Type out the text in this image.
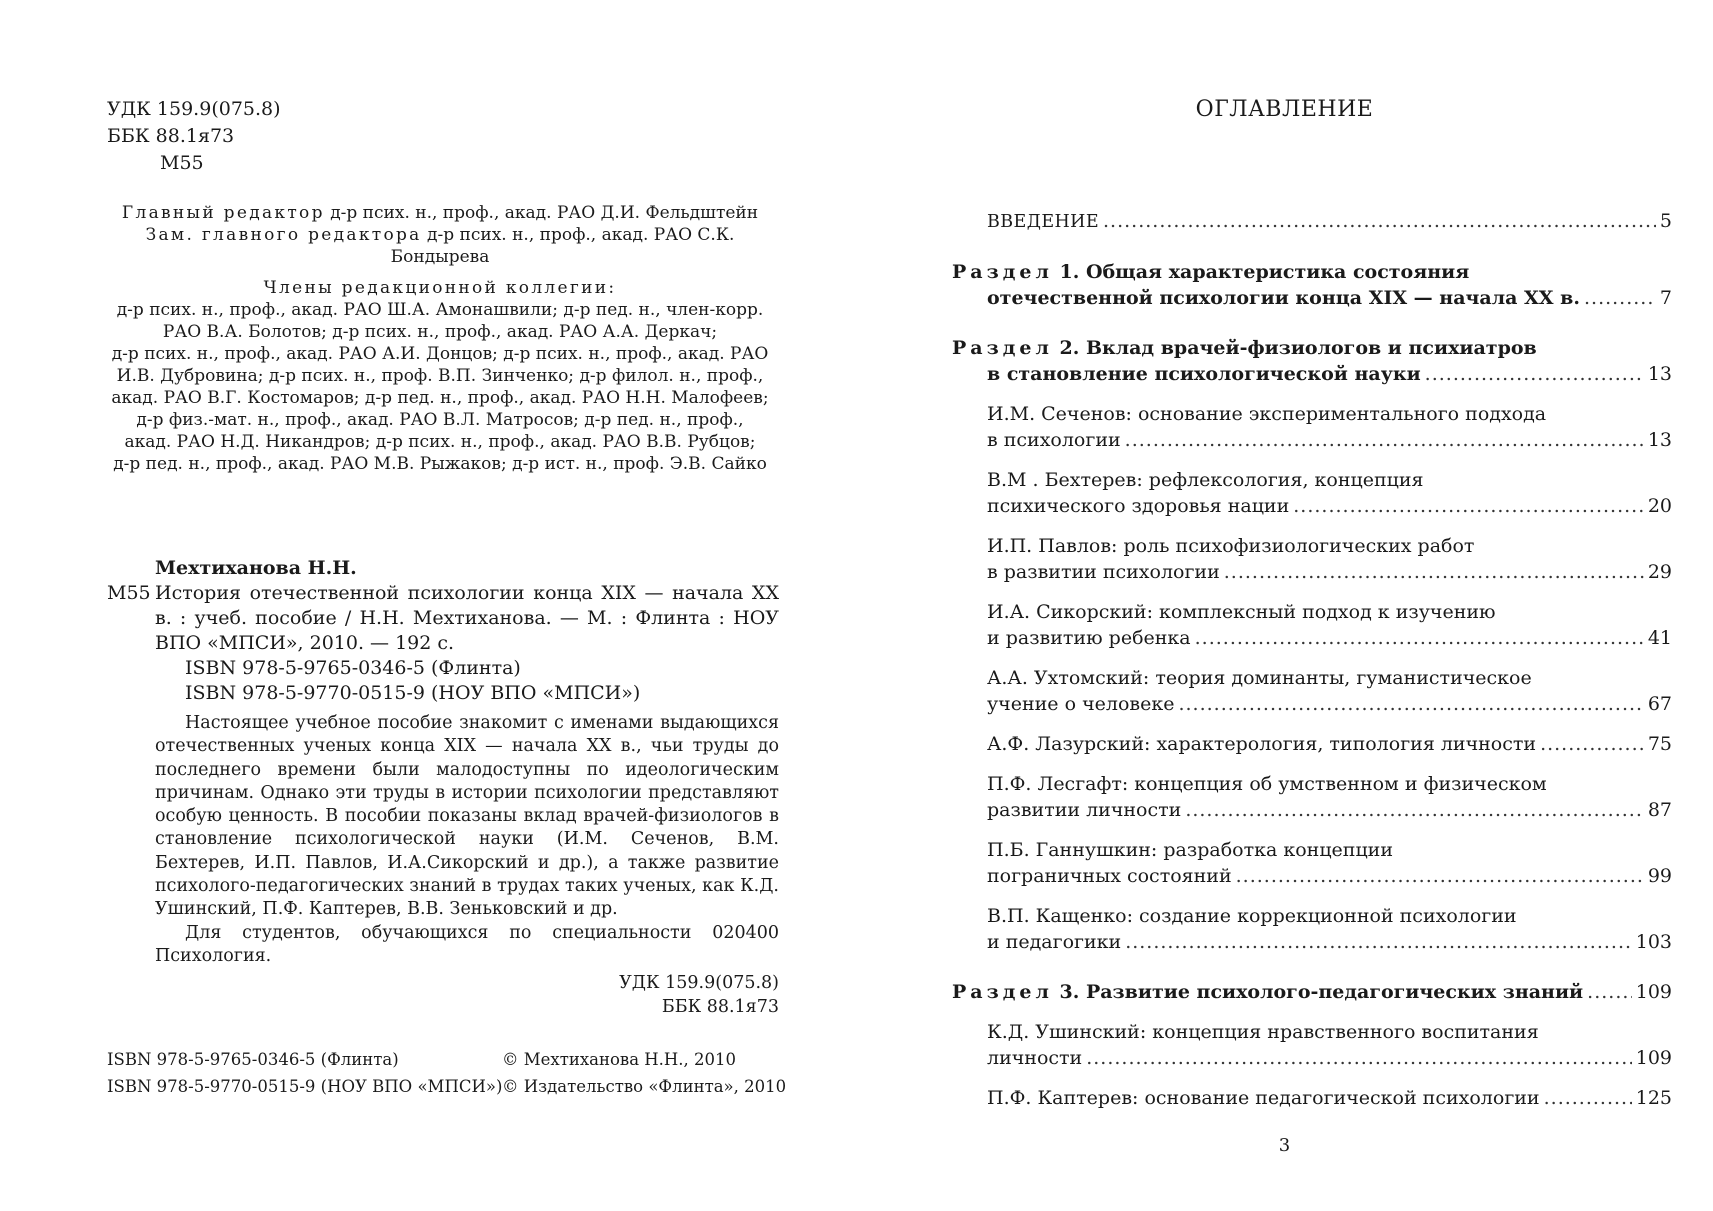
УДК 159.9(075.8)
ББК 88.1я73
М55
Главный редактор д-р псих. н., проф., акад. РАО Д.И. Фельдштейн
Зам. главного редактора д-р псих. н., проф., акад. РАО С.К. Бондырева
Члены редакционной коллегии:
д-р псих. н., проф., акад. РАО Ш.А. Амонашвили; д-р пед. н., член-корр.
РАО В.А. Болотов; д-р псих. н., проф., акад. РАО А.А. Деркач;
д-р псих. н., проф., акад. РАО А.И. Донцов; д-р псих. н., проф., акад. РАО
И.В. Дубровина; д-р псих. н., проф. В.П. Зинченко; д-р филол. н., проф.,
акад. РАО В.Г. Костомаров; д-р пед. н., проф., акад. РАО Н.Н. Малофеев;
д-р физ.-мат. н., проф., акад. РАО В.Л. Матросов; д-р пед. н., проф.,
акад. РАО Н.Д. Никандров; д-р псих. н., проф., акад. РАО В.В. Рубцов;
д-р пед. н., проф., акад. РАО М.В. Рыжаков; д-р ист. н., проф. Э.В. Сайко
Мехтиханова Н.Н.
М55 История отечественной психологии конца XIX — начала XX в. : учеб. пособие / Н.Н. Мехтиханова. — М. : Флинта : НОУ ВПО «МПСИ», 2010. — 192 с.
ISBN 978-5-9765-0346-5 (Флинта)
ISBN 978-5-9770-0515-9 (НОУ ВПО «МПСИ»)

Настоящее учебное пособие знакомит с именами выдающихся отечественных ученых конца XIX — начала XX в., чьи труды до последнего времени были малодоступны по идеологическим причинам. Однако эти труды в истории психологии представляют особую ценность. В пособии показаны вклад врачей-физиологов в становление психологической науки (И.М. Сеченов, В.М. Бехтерев, И.П. Павлов, И.А.Сикорский и др.), а также развитие психолого-педагогических знаний в трудах таких ученых, как К.Д. Ушинский, П.Ф. Каптерев, В.В. Зеньковский и др.

Для студентов, обучающихся по специальности 020400 Психология.

УДК 159.9(075.8)
ББК 88.1я73
ISBN 978-5-9765-0346-5 (Флинта)
ISBN 978-5-9770-0515-9 (НОУ ВПО «МПСИ»)
© Мехтиханова Н.Н., 2010
© Издательство «Флинта», 2010
ОГЛАВЛЕНИЕ
ВВЕДЕНИЕ .....	5
Раздел 1. Общая характеристика состояния
отечественной психологии конца XIX — начала XX в. .....	7
Раздел 2. Вклад врачей-физиологов и психиатров
в становление психологической науки .....	13
И.М. Сеченов: основание экспериментального подхода
в психологии .....	13
В.М . Бехтерев: рефлексология, концепция
психического здоровья нации .....	20
И.П. Павлов: роль психофизиологических работ
в развитии психологии .....	29
И.А. Сикорский: комплексный подход к изучению
и развитию ребенка .....	41
А.А. Ухтомский: теория доминанты, гуманистическое
учение о человеке .....	67
А.Ф. Лазурский: характерология, типология личности .....	75
П.Ф. Лесгафт: концепция об умственном и физическом
развитии личности .....	87
П.Б. Ганнушкин: разработка концепции
пограничных состояний .....	99
В.П. Кащенко: создание коррекционной психологии
и педагогики .....	103
Раздел 3. Развитие психолого-педагогических знаний .....	109
К.Д. Ушинский: концепция нравственного воспитания
личности .....	109
П.Ф. Каптерев: основание педагогической психологии .....	125
3
